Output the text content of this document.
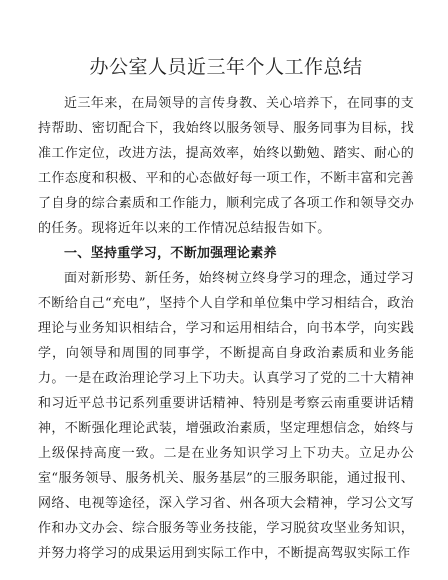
办公室人员近三年个人工作总结

近三年来，在局领导的言传身教、关心培养下，在同事的支持帮助、密切配合下，我始终以服务领导、服务同事为目标，找准工作定位，改进方法，提高效率，始终以勤勉、踏实、耐心的工作态度和积极、平和的心态做好每一项工作，不断丰富和完善了自身的综合素质和工作能力，顺利完成了各项工作和领导交办的任务。现将近年以来的工作情况总结报告如下。

一、坚持重学习，不断加强理论素养

面对新形势、新任务，始终树立终身学习的理念，通过学习不断给自己“充电”，坚持个人自学和单位集中学习相结合，政治理论与业务知识相结合，学习和运用相结合，向书本学，向实践学，向领导和周围的同事学，不断提高自身政治素质和业务能力。一是在政治理论学习上下功夫。认真学习了党的二十大精神和习近平总书记系列重要讲话精神、特别是考察云南重要讲话精神，不断强化理论武装，增强政治素质，坚定理想信念，始终与上级保持高度一致。二是在业务知识学习上下功夫。立足办公室“服务领导、服务机关、服务基层”的三服务职能，通过报刊、网络、电视等途径，深入学习省、州各项大会精神，学习公文写作和办文办会、综合服务等业务技能，学习脱贫攻坚业务知识，并努力将学习的成果运用到实际工作中，不断提高驾驭实际工作
